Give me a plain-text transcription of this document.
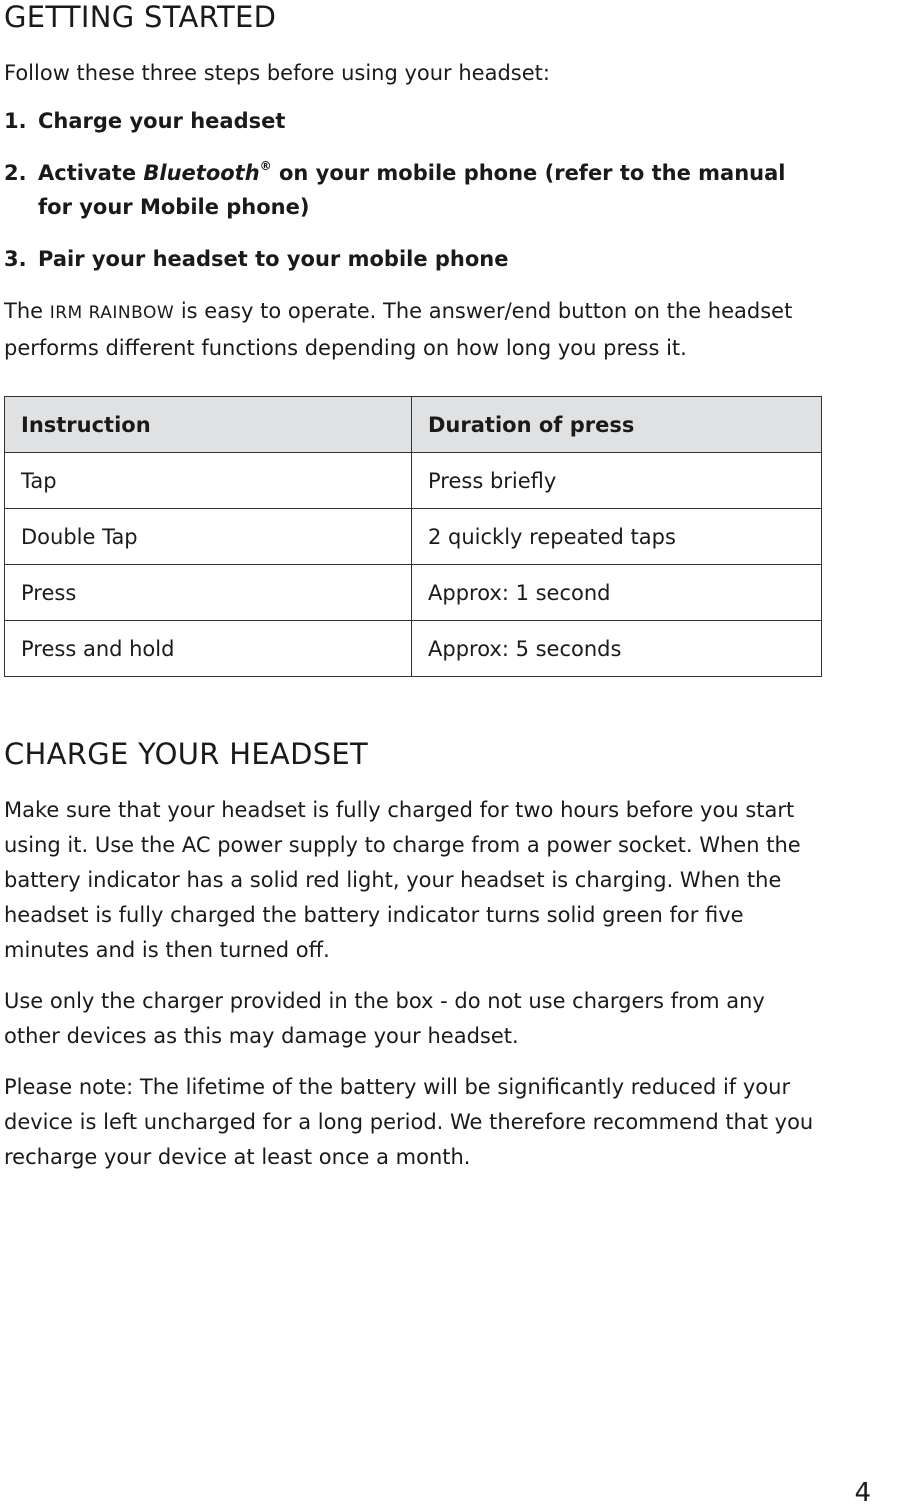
GETTING STARTED

Follow these three steps before using your headset:

1. Charge your headset
2. Activate Bluetooth® on your mobile phone (refer to the manual for your Mobile phone)
3. Pair your headset to your mobile phone

The IRM RAINBOW is easy to operate. The answer/end button on the headset performs different functions depending on how long you press it.

Instruction	Duration of press
Tap	Press briefly
Double Tap	2 quickly repeated taps
Press	Approx: 1 second
Press and hold	Approx: 5 seconds
CHARGE YOUR HEADSET

Make sure that your headset is fully charged for two hours before you start using it. Use the AC power supply to charge from a power socket. When the battery indicator has a solid red light, your headset is charging. When the headset is fully charged the battery indicator turns solid green for five minutes and is then turned off.

Use only the charger provided in the box - do not use chargers from any other devices as this may damage your headset.

Please note: The lifetime of the battery will be significantly reduced if your device is left uncharged for a long period. We therefore recommend that you recharge your device at least once a month.

4
